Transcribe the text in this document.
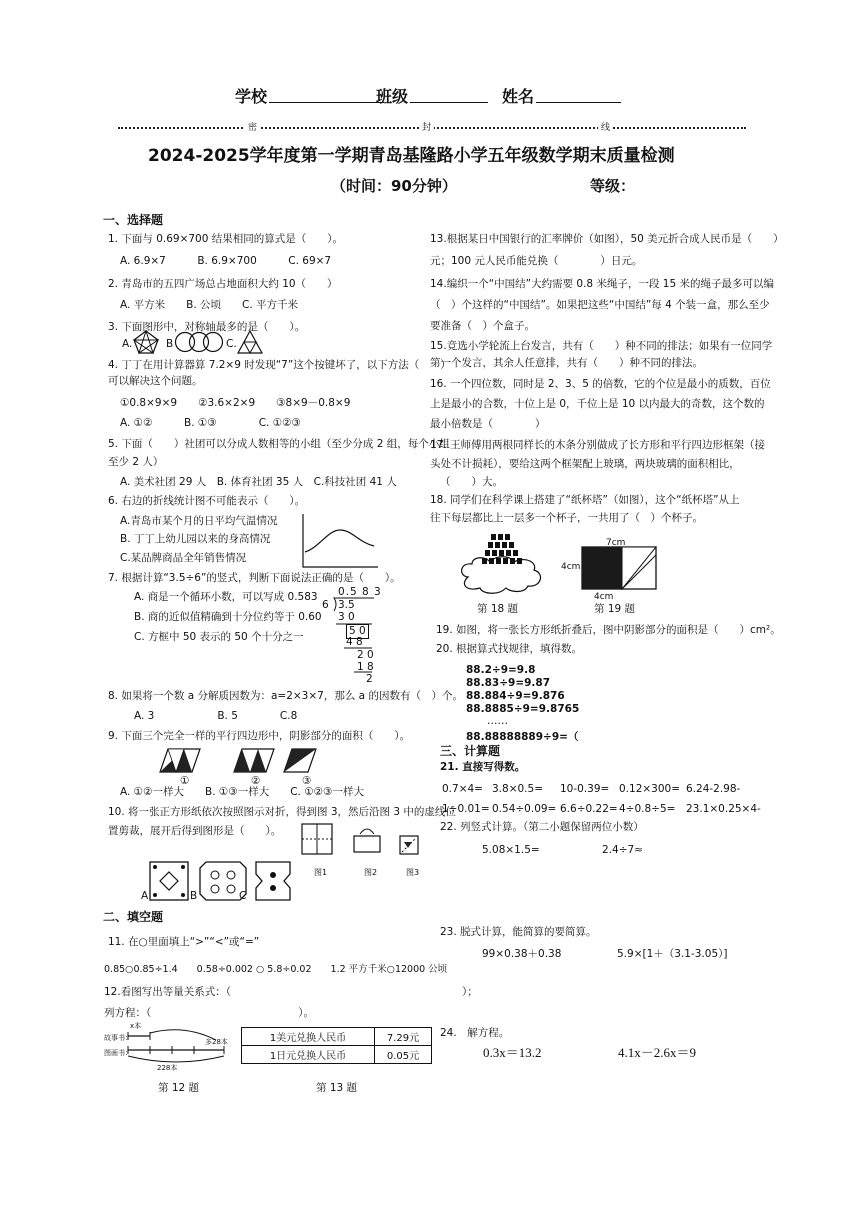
学校	班级	姓名
密	封	线
2024-2025学年度第一学期青岛基隆路小学五年级数学期末质量检测
（时间：90分钟）	等级：
一、选择题
1. 下面与 0.69×700 结果相同的算式是（　　）。
A. 6.9×7　　　B. 6.9×700　　　C. 69×7
2. 青岛市的五四广场总占地面积大约 10（　　）
A. 平方米　　B. 公顷　　C. 平方千米
3. 下面图形中，对称轴最多的是（　　）。
A.	B	C.
4. 丁丁在用计算器算 7.2×9 时发现“7”这个按键坏了，以下方法（　　）
可以解决这个问题。
①0.8×9×9　　②3.6×2×9　　③8×9－0.8×9
A. ①②　　　B. ①③　　　　C. ①②③
5. 下面（　　）社团可以分成人数相等的小组（至少分成 2 组，每个小组
至少 2 人）
A. 美术社团 29 人　B. 体育社团 35 人　C.科技社团 41 人
6. 右边的折线统计图不可能表示（　　）。
A.青岛市某个月的日平均气温情况
B. 丁丁上幼儿园以来的身高情况
C.某品牌商品全年销售情况
7. 根据计算“3.5÷6”的竖式，判断下面说法正确的是（　　）。
A. 商是一个循环小数，可以写成 0.583
B. 商的近似值精确到十分位约等于 0.60
C. 方框中 50 表示的 50 个十分之一
0.5 8 3
6 3.5
3 0
5 0
4 8
2 0
1 8
2
8. 如果将一个数 a 分解质因数为：a=2×3×7，那么 a 的因数有（　）个。
A. 3　　　　　　B. 5　　　　C.8
9. 下面三个完全一样的平行四边形中，阴影部分的面积（　　）。
①	②	③
A. ①②一样大　　B. ①③一样大　　C. ①②③一样大
10. 将一张正方形纸依次按照图示对折，得到图 3，然后沿图 3 中的虚线位
置剪裁，展开后得到图形是（　　）。
图1	图2	图3
A	B	C
二、填空题
11. 在○里面填上“>”“<”或“=”
0.85○0.85÷1.4　　0.58÷0.002 ○ 5.8÷0.02　　1.2 平方千米○12000 公顷
12.看图写出等量关系式：（　　　　　　　　　　　　　　　　　　　　　　）；
列方程：（　　　　　　　　　　　　　　）。
故事书：
图画书：
x本
多28本
228本
1美元兑换人民币	7.29元
1日元兑换人民币	0.05元
第 12 题	第 13 题
13.根据某日中国银行的汇率牌价（如图），50 美元折合成人民币是（　　）
元；100 元人民币能兑换（　　　　）日元。
14.编织一个“中国结”大约需要 0.8 米绳子，一段 15 米的绳子最多可以编
（　）个这样的“中国结”。如果把这些“中国结”每 4 个装一盒，那么至少
要准备（　）个盒子。
15.竞选小学轮流上台发言，共有（　　）种不同的排法；如果有一位同学
第一个发言，其余人任意排，共有（　　）种不同的排法。
16. 一个四位数，同时是 2、3、5 的倍数，它的个位是最小的质数，百位
上是最小的合数，十位上是 0，千位上是 10 以内最大的奇数，这个数的
最小倍数是（　　　　）
17. 王师傅用两根同样长的木条分别做成了长方形和平行四边形框架（接
头处不计损耗），要给这两个框架配上玻璃，两块玻璃的面积相比，
（　　）大。
18. 同学们在科学课上搭建了“纸杯塔”（如图），这个“纸杯塔”从上
往下每层都比上一层多一个杯子，一共用了（　）个杯子。
第 18 题
7cm
4cm
4cm
第 19 题
19. 如图，将一张长方形纸折叠后，图中阴影部分的面积是（　　）cm²。
20. 根据算式找规律，填得数。
88.2÷9=9.8
88.83÷9=9.87
88.884÷9=9.876
88.8885÷9=9.8765
……
88.88888889÷9=（
三、计算题
21. 直接写得数。
0.7×4= 3.8×0.5= 10-0.39= 0.12×300= 6.24-2.98-
1÷0.01= 0.54÷0.09= 6.6÷0.22= 4÷0.8÷5= 23.1×0.25×4-
22. 列竖式计算。（第二小题保留两位小数）
5.08×1.5=	2.4÷7≈
23. 脱式计算，能简算的要简算。
99×0.38＋0.38	5.9×[1＋（3.1-3.05）]
24.　解方程。
0.3x＝13.2	4.1x－2.6x＝9
